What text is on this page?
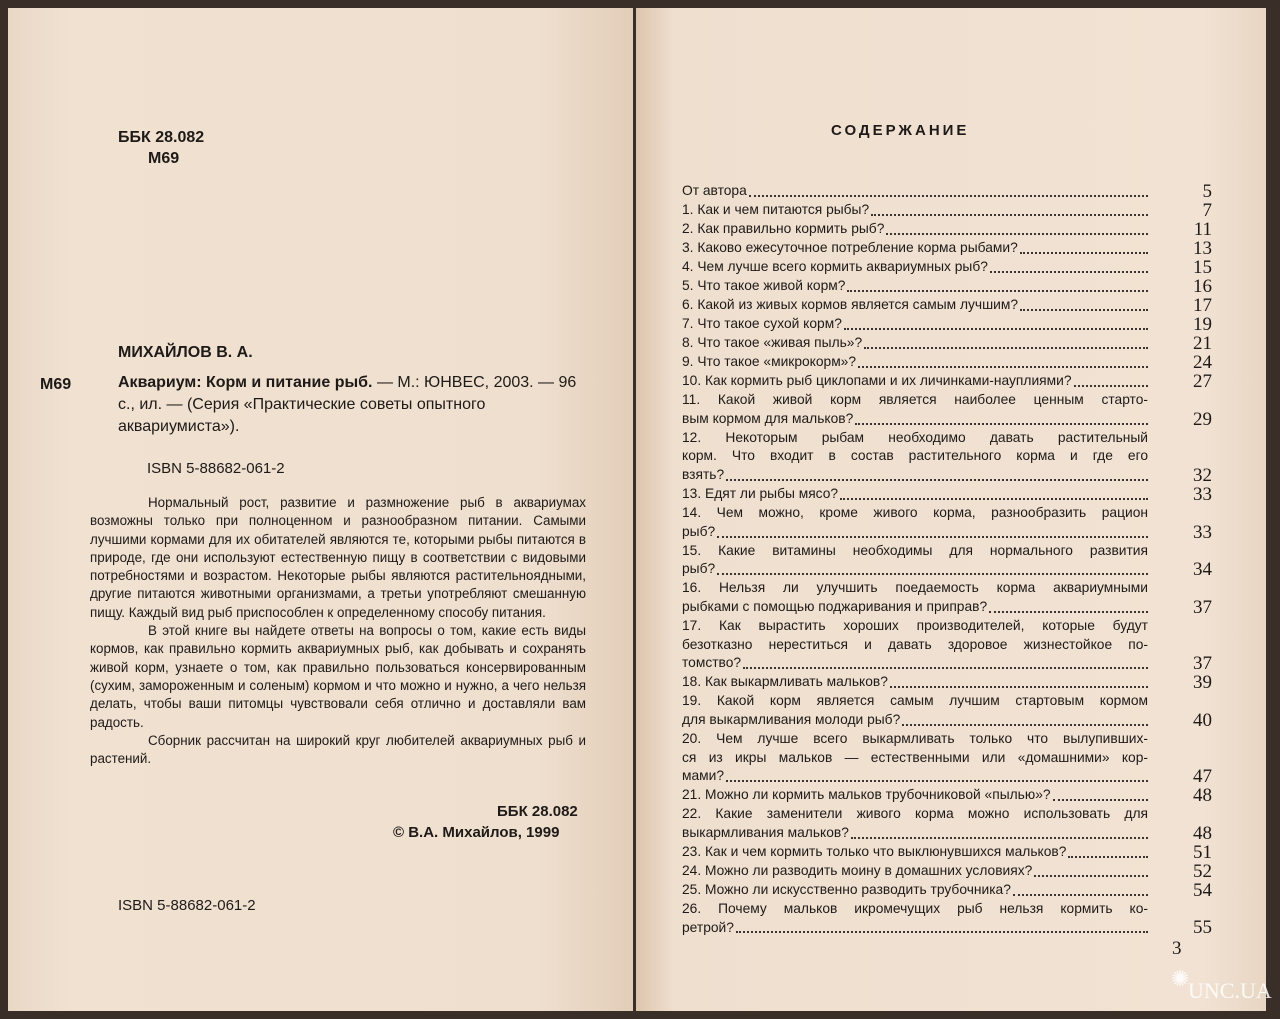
ББК 28.082
М69
МИХАЙЛОВ В. А.
М69	Аквариум: Корм и питание рыб. — М.: ЮНВЕС, 2003. — 96 с., ил. — (Серия «Практические советы опытного аквариумиста»).
ISBN 5-88682-061-2

Нормальный рост, развитие и размножение рыб в аквариумах возможны только при полноценном и разнообразном питании. Самыми лучшими кормами для их обитателей являются те, которыми рыбы питаются в природе, где они используют естественную пищу в соответствии с видовыми потребностями и возрастом. Некоторые рыбы являются растительноядными, другие питаются животными организмами, а третьи употребляют смешанную пищу. Каждый вид рыб приспособлен к определенному способу питания.

В этой книге вы найдете ответы на вопросы о том, какие есть виды кормов, как правильно кормить аквариумных рыб, как добывать и сохранять живой корм, узнаете о том, как правильно пользоваться консервированным (сухим, замороженным и соленым) кормом и что можно и нужно, а чего нельзя делать, чтобы ваши питомцы чувствовали себя отлично и доставляли вам радость.

Сборник рассчитан на широкий круг любителей аквариумных рыб и растений.

ББК 28.082
© В.А. Михайлов, 1999
ISBN 5-88682-061-2
СОДЕРЖАНИЕ
От автора	5
1. Как и чем питаются рыбы?	7
2. Как правильно кормить рыб?	11
3. Каково ежесуточное потребление корма рыбами?	13
4. Чем лучше всего кормить аквариумных рыб?	15
5. Что такое живой корм?	16
6. Какой из живых кормов является самым лучшим?	17
7. Что такое сухой корм?	19
8. Что такое «живая пыль»?	21
9. Что такое «микрокорм»?	24
10. Как кормить рыб циклопами и их личинками-науплиями?	27
11. Какой живой корм является наиболее ценным старто-
вым кормом для мальков?	29
12. Некоторым рыбам необходимо давать растительный
корм. Что входит в состав растительного корма и где его
взять?	32
13. Едят ли рыбы мясо?	33
14. Чем можно, кроме живого корма, разнообразить рацион
рыб?	33
15. Какие витамины необходимы для нормального развития
рыб?	34
16. Нельзя ли улучшить поедаемость корма аквариумными
рыбками с помощью поджаривания и приправ?	37
17. Как вырастить хороших производителей, которые будут
безотказно нереститься и давать здоровое жизнестойкое по-
томство?	37
18. Как выкармливать мальков?	39
19. Какой корм является самым лучшим стартовым кормом
для выкармливания молоди рыб?	40
20. Чем лучше всего выкармливать только что вылупивших-
ся из икры мальков — естественными или «домашними» кор-
мами?	47
21. Можно ли кормить мальков трубочниковой «пылью»?	48
22. Какие заменители живого корма можно использовать для
выкармливания мальков?	48
23. Как и чем кормить только что выклюнувшихся мальков?	51
24. Можно ли разводить моину в домашних условиях?	52
25. Можно ли искусственно разводить трубочника?	54
26. Почему мальков икромечущих рыб нельзя кормить ко-
ретрой?	55
3
✺
UNC.UA
